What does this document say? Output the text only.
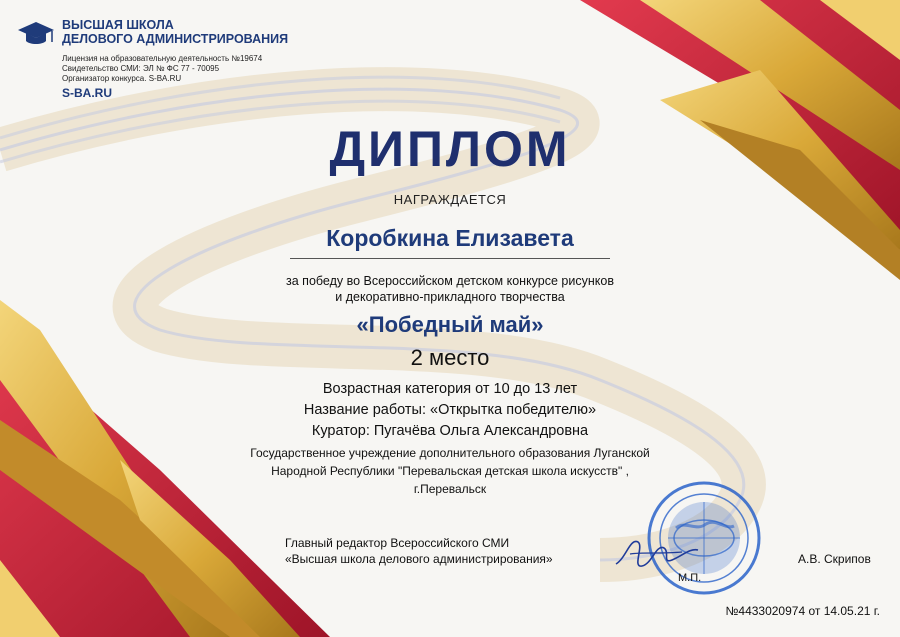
ВЫСШАЯ ШКОЛА
ДЕЛОВОГО АДМИНИСТРИРОВАНИЯ
Лицензия на образовательную деятельность №19674
Свидетельство СМИ: ЭЛ № ФС 77 - 70095
Организатор конкурса. S-BA.RU
S-BA.RU
ДИПЛОМ
НАГРАЖДАЕТСЯ
Коробкина Елизавета
за победу во Всероссийском детском конкурсе рисунков
и декоративно-прикладного творчества
«Победный май»
2 место
Возрастная категория от 10 до 13 лет
Название работы: «Открытка победителю»
Куратор: Пугачёва Ольга Александровна
Государственное учреждение дополнительного образования Луганской
Народной Республики "Перевальская детская школа искусств" ,
г.Перевальск
Главный редактор Всероссийского СМИ
«Высшая школа делового администрирования»
М.П.
А.В. Скрипов
№4433020974 от 14.05.21 г.
